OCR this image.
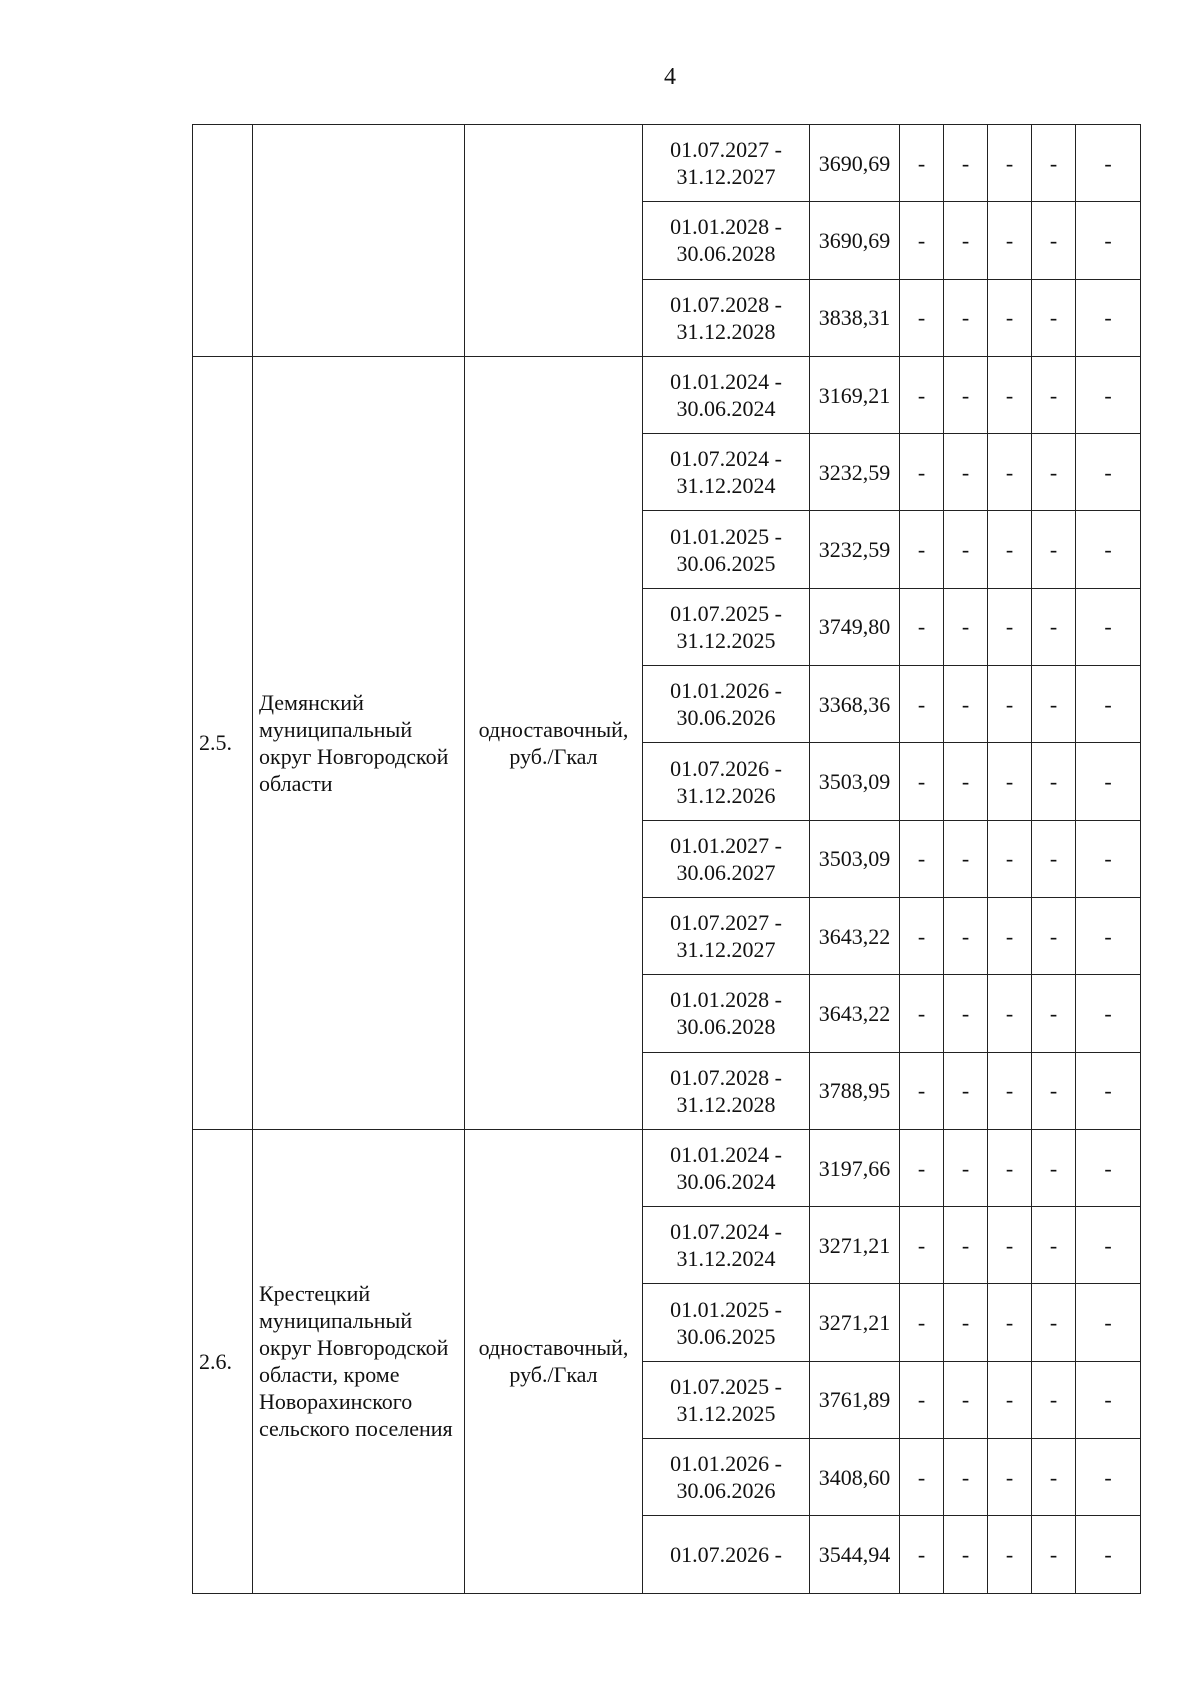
4
			01.07.2027 -
31.12.2027	3690,69	-	-	-	-	-
			01.01.2028 -
30.06.2028	3690,69	-	-	-	-	-
			01.07.2028 -
31.12.2028	3838,31	-	-	-	-	-
2.5.	Демянский муниципальный округ Новгородской области	одноставочный,
руб./Гкал	01.01.2024 -
30.06.2024	3169,21	-	-	-	-	-
			01.07.2024 -
31.12.2024	3232,59	-	-	-	-	-
			01.01.2025 -
30.06.2025	3232,59	-	-	-	-	-
			01.07.2025 -
31.12.2025	3749,80	-	-	-	-	-
			01.01.2026 -
30.06.2026	3368,36	-	-	-	-	-
			01.07.2026 -
31.12.2026	3503,09	-	-	-	-	-
			01.01.2027 -
30.06.2027	3503,09	-	-	-	-	-
			01.07.2027 -
31.12.2027	3643,22	-	-	-	-	-
			01.01.2028 -
30.06.2028	3643,22	-	-	-	-	-
			01.07.2028 -
31.12.2028	3788,95	-	-	-	-	-
2.6.	Крестецкий муниципальный округ Новгородской области, кроме Новорахинского сельского поселения	одноставочный,
руб./Гкал	01.01.2024 -
30.06.2024	3197,66	-	-	-	-	-
			01.07.2024 -
31.12.2024	3271,21	-	-	-	-	-
			01.01.2025 -
30.06.2025	3271,21	-	-	-	-	-
			01.07.2025 -
31.12.2025	3761,89	-	-	-	-	-
			01.01.2026 -
30.06.2026	3408,60	-	-	-	-	-
			01.07.2026 -	3544,94	-	-	-	-	-
